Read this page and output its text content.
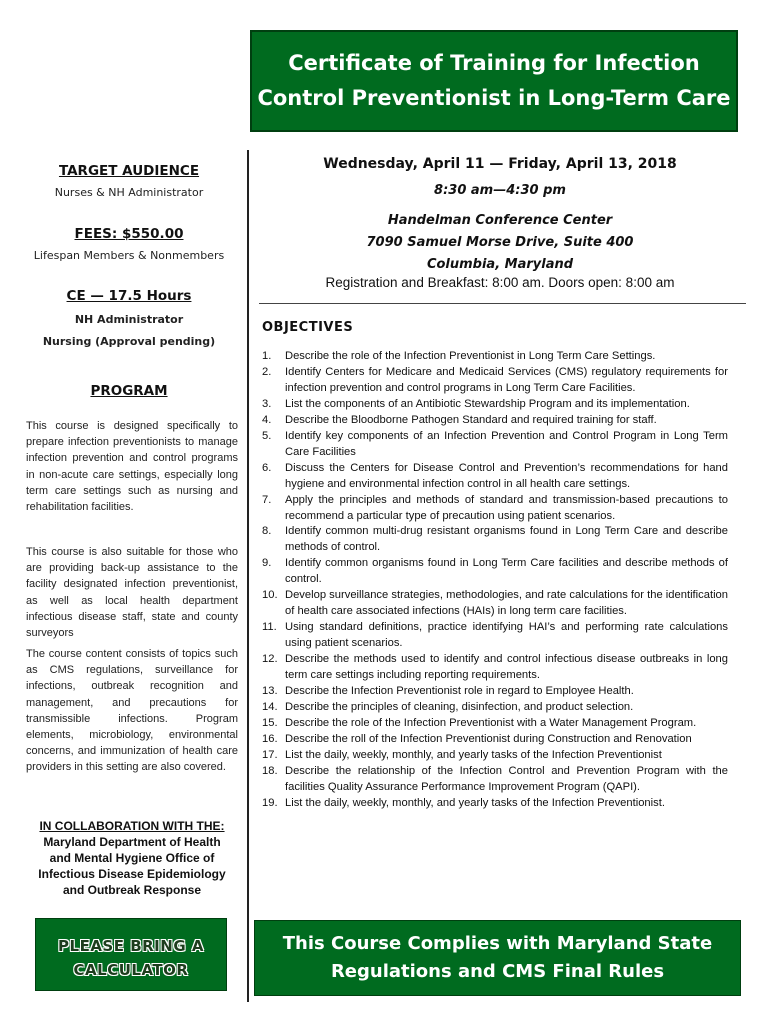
Certificate of Training for Infection
Control Preventionist in Long-Term Care
TARGET AUDIENCE
Nurses & NH Administrator
FEES: $550.00
Lifespan Members & Nonmembers
CE — 17.5 Hours
NH Administrator
Nursing (Approval pending)
PROGRAM
This course is designed specifically to prepare infection preventionists to manage infection prevention and control programs in non-acute care settings, especially long term care settings such as nursing and rehabilitation facilities.
This course is also suitable for those who are providing back-up assistance to the facility designated infection preventionist, as well as local health department infectious disease staff, state and county surveyors
The course content consists of topics such as CMS regulations, surveillance for infections, outbreak recognition and management, and precautions for transmissible infections. Program elements, microbiology, environmental concerns, and immunization of health care providers in this setting are also covered.
IN COLLABORATION WITH THE:
Maryland Department of Health
and Mental Hygiene Office of
Infectious Disease Epidemiology
and Outbreak Response
PLEASE BRING A
CALCULATOR
Wednesday, April 11 — Friday, April 13, 2018
8:30 am—4:30 pm
Handelman Conference Center
7090 Samuel Morse Drive, Suite 400
Columbia, Maryland
Registration and Breakfast: 8:00 am. Doors open: 8:00 am
OBJECTIVES
1. Describe the role of the Infection Preventionist in Long Term Care Settings.
2. Identify Centers for Medicare and Medicaid Services (CMS) regulatory requirements for infection prevention and control programs in Long Term Care Facilities.
3. List the components of an Antibiotic Stewardship Program and its implementation.
4. Describe the Bloodborne Pathogen Standard and required training for staff.
5. Identify key components of an Infection Prevention and Control Program in Long Term Care Facilities
6. Discuss the Centers for Disease Control and Prevention’s recommendations for hand hygiene and environmental infection control in all health care settings.
7. Apply the principles and methods of standard and transmission-based precautions to recommend a particular type of precaution using patient scenarios.
8. Identify common multi-drug resistant organisms found in Long Term Care and describe methods of control.
9. Identify common organisms found in Long Term Care facilities and describe methods of control.
10. Develop surveillance strategies, methodologies, and rate calculations for the identification of health care associated infections (HAIs) in long term care facilities.
11. Using standard definitions, practice identifying HAI’s and performing rate calculations using patient scenarios.
12. Describe the methods used to identify and control infectious disease outbreaks in long term care settings including reporting requirements.
13. Describe the Infection Preventionist role in regard to Employee Health.
14. Describe the principles of cleaning, disinfection, and product selection.
15. Describe the role of the Infection Preventionist with a Water Management Program.
16. Describe the roll of the Infection Preventionist during Construction and Renovation
17. List the daily, weekly, monthly, and yearly tasks of the Infection Preventionist
18. Describe the relationship of the Infection Control and Prevention Program with the facilities Quality Assurance Performance Improvement Program (QAPI).
19. List the daily, weekly, monthly, and yearly tasks of the Infection Preventionist.
This Course Complies with Maryland State
Regulations and CMS Final Rules
